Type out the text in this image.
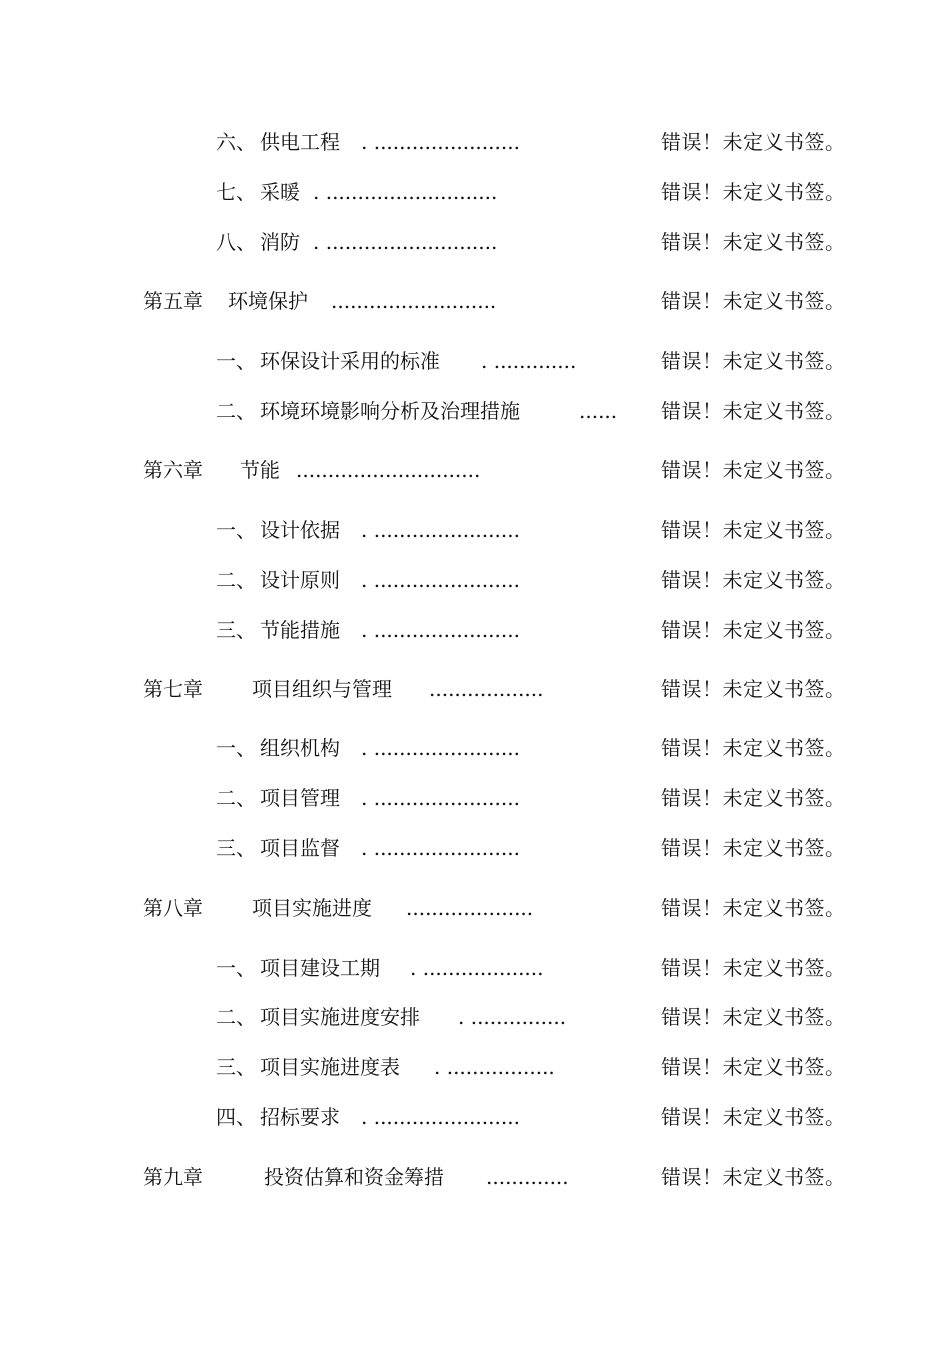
六、 供电工程 . .......................	错误！未定义书签。
七、 采暖 . ...........................	错误！未定义书签。
八、 消防 . ...........................	错误！未定义书签。
第五章 环境保护 ..........................	错误！未定义书签。
一、 环保设计采用的标准 . .............	错误！未定义书签。
二、 环境环境影响分析及治理措施	...... 错误！未定义书签。
第六章 节能 .............................	错误！未定义书签。
一、 设计依据 . .......................	错误！未定义书签。
二、 设计原则 . .......................	错误！未定义书签。
三、 节能措施 . .......................	错误！未定义书签。
第七章 项目组织与管理 ..................	错误！未定义书签。
一、 组织机构 . .......................	错误！未定义书签。
二、 项目管理 . .......................	错误！未定义书签。
三、 项目监督 . .......................	错误！未定义书签。
第八章 项目实施进度 ....................	错误！未定义书签。
一、 项目建设工期 . ...................	错误！未定义书签。
二、 项目实施进度安排 . ...............	错误！未定义书签。
三、 项目实施进度表 . .................	错误！未定义书签。
四、 招标要求 . .......................	错误！未定义书签。
第九章	投资估算和资金筹措 .............	错误！未定义书签。
